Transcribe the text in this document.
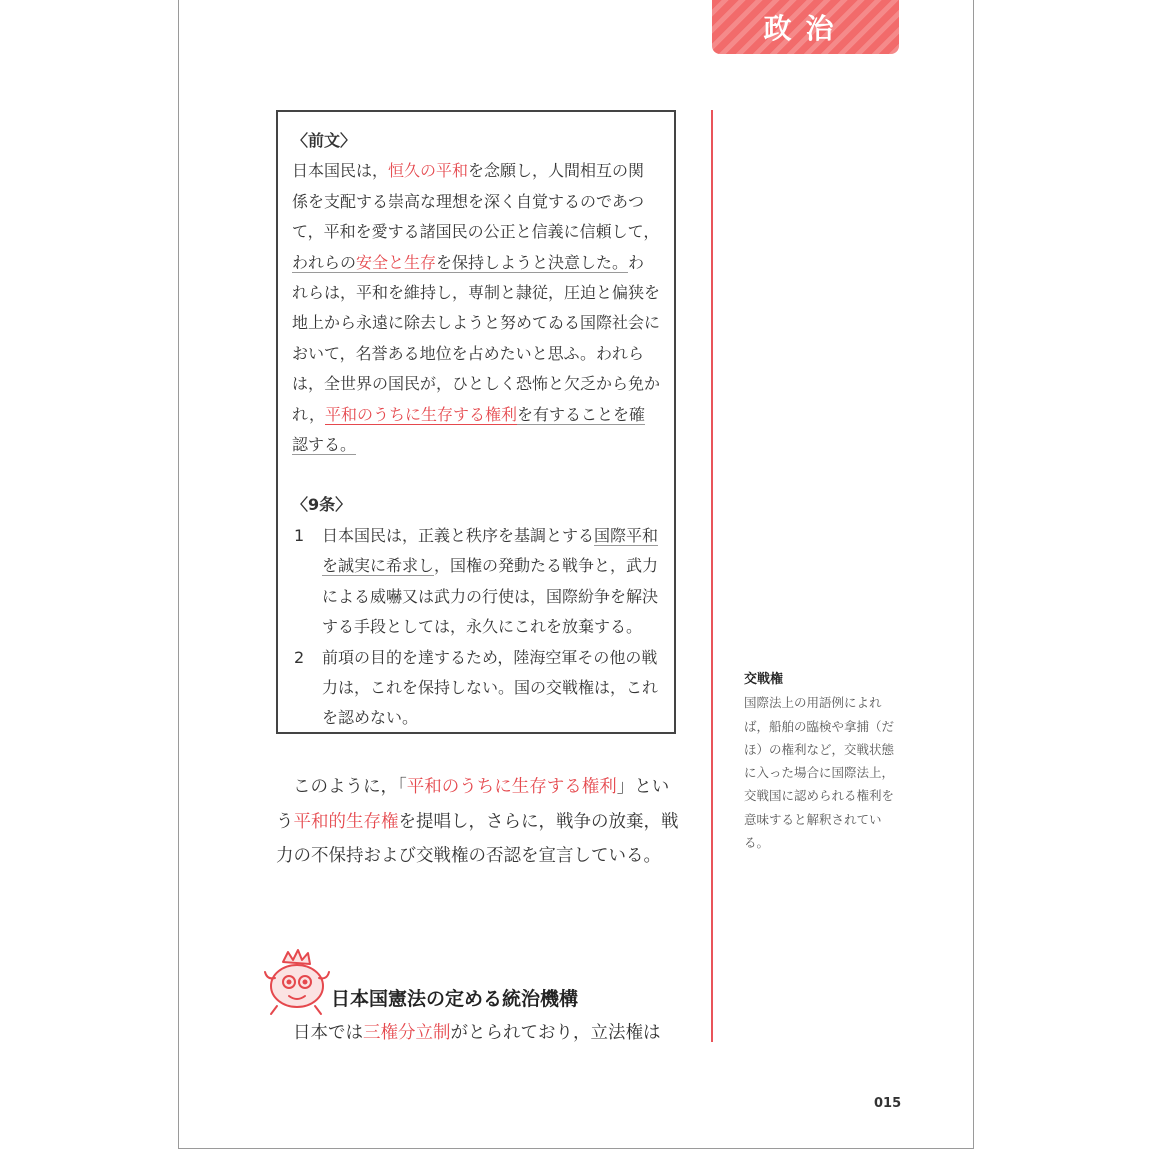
政治

〈前文〉

日本国民は，恒久の平和を念願し，人間相互の関係を支配する崇高な理想を深く自覚するのであつて，平和を愛する諸国民の公正と信義に信頼して，われらの安全と生存を保持しようと決意した。われらは，平和を維持し，専制と隷従，圧迫と偏狭を地上から永遠に除去しようと努めてゐる国際社会において，名誉ある地位を占めたいと思ふ。われらは，全世界の国民が，ひとしく恐怖と欠乏から免かれ，平和のうちに生存する権利を有することを確認する。

〈9条〉

1	日本国民は，正義と秩序を基調とする国際平和を誠実に希求し，国権の発動たる戦争と，武力による威嚇又は武力の行使は，国際紛争を解決する手段としては，永久にこれを放棄する。
2	前項の目的を達するため，陸海空軍その他の戦力は，これを保持しない。国の交戦権は，これを認めない。

このように，「平和のうちに生存する権利」という平和的生存権を提唱し，さらに，戦争の放棄，戦力の不保持および交戦権の否認を宣言している。

日本国憲法の定める統治機構

日本では三権分立制がとられており，立法権は

交戦権
国際法上の用語例によれば，船舶の臨検や拿捕（だほ）の権利など，交戦状態に入った場合に国際法上，交戦国に認められる権利を意味すると解釈されている。
015
